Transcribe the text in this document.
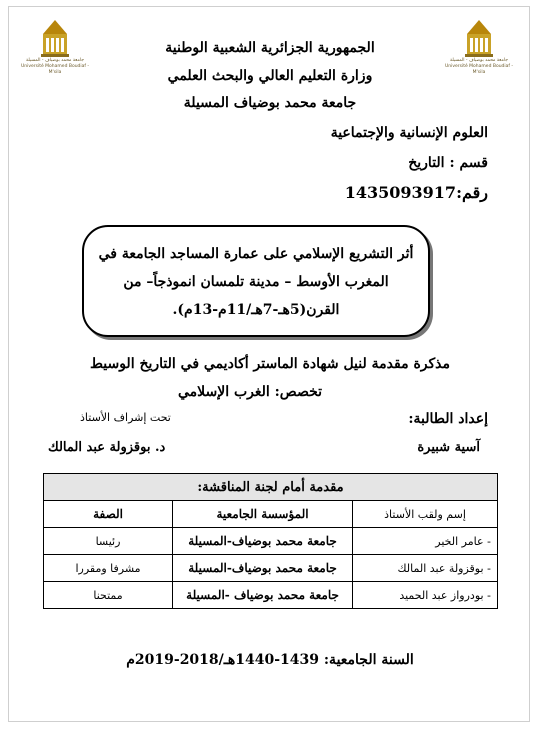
جامعة محمد بوضياف - المسيلة
Université Mohamed Boudiaf - M'sila
جامعة محمد بوضياف - المسيلة
Université Mohamed Boudiaf - M'sila
الجمهورية الجزائرية الشعبية الوطنية
وزارة التعليم العالي والبحث العلمي
جامعة محمد بوضياف المسيلة
العلوم الإنسانية والإجتماعية
قسم : التاريخ
رقم:1435093917
أثر التشريع الإسلامي على عمارة المساجد الجامعة في
المغرب الأوسط – مدينة تلمسان انموذجاً– من
القرن(5هـ-7هـ/11م-13م).
مذكرة مقدمة لنيل شهادة الماستر أكاديمي في التاريخ الوسيط
تخصص: الغرب الإسلامي
إعداد الطالبة:
تحت إشراف الأستاذ
آسية شبيرة
د. بوقزولة عبد المالك
مقدمة أمام لجنة المناقشة:		
إسم ولقب الأستاذ	المؤسسة الجامعية	الصفة
- عامر الخير	جامعة محمد بوضياف-المسيلة	رئيسا
- بوقزولة عبد المالك	جامعة محمد بوضياف-المسيلة	مشرفا ومقررا
- بودرواز عبد الحميد	جامعة محمد بوضياف -المسيلة	ممتحنا
السنة الجامعية: 1439-1440هـ/2018-2019م
